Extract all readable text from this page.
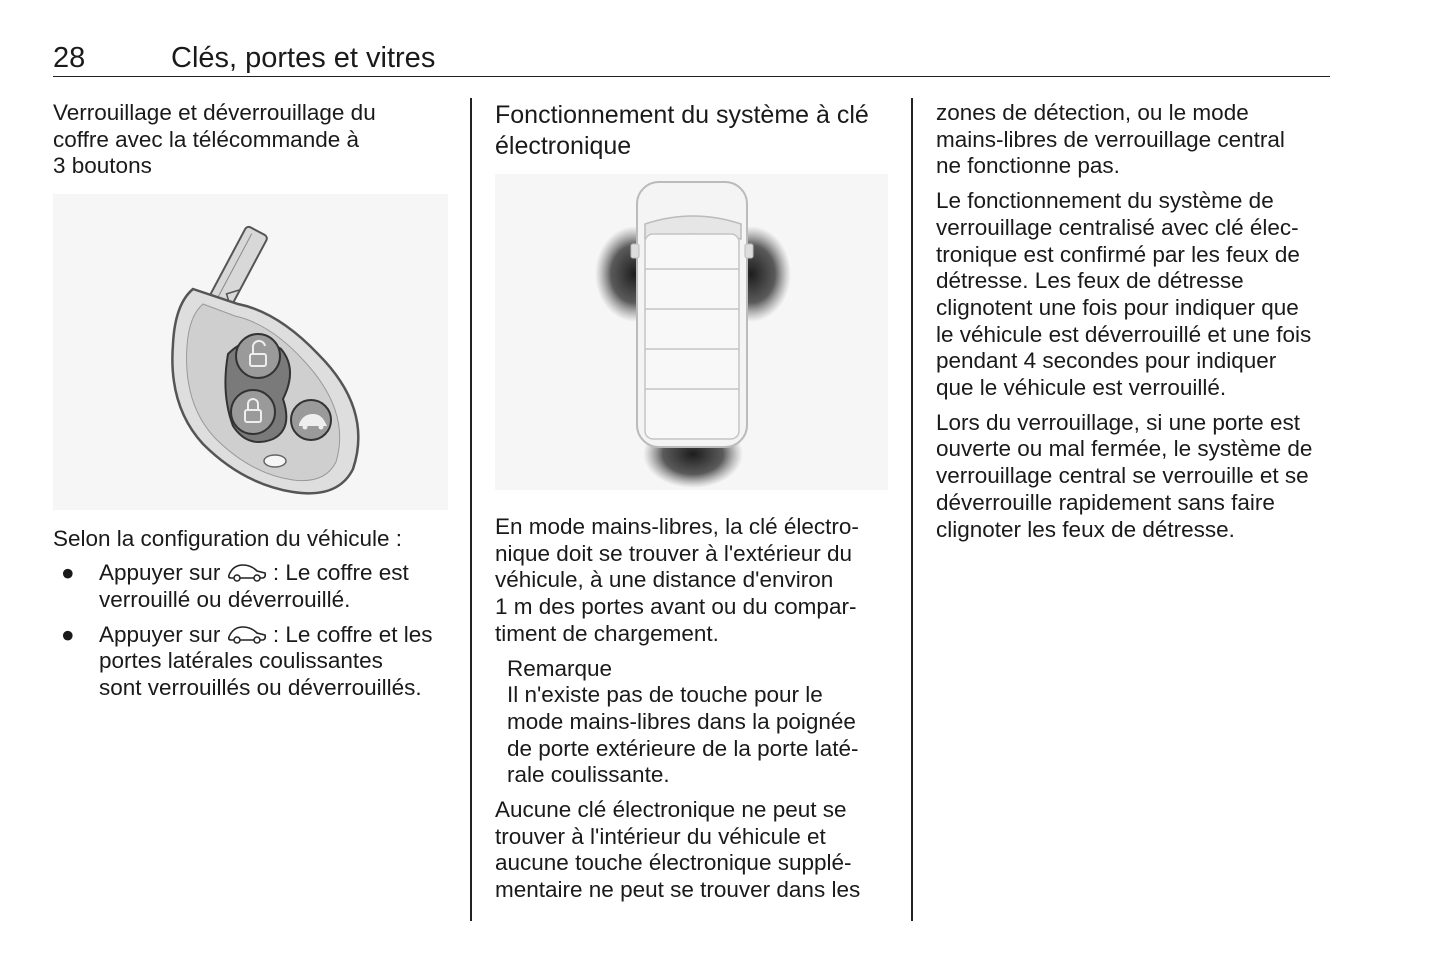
28	Clés, portes et vitres
Verrouillage et déverrouillage du
coffre avec la télécommande à
3 boutons

Selon la configuration du véhicule :

● Appuyer sur : Le coffre est
verrouillé ou déverrouillé.
● Appuyer sur : Le coffre et les
portes latérales coulissantes
sont verrouillés ou déverrouillés.
Fonctionnement du système à clé
électronique

En mode mains-libres, la clé électro-
nique doit se trouver à l'extérieur du
véhicule, à une distance d'environ
1 m des portes avant ou du compar-
timent de chargement.

Remarque
Il n'existe pas de touche pour le
mode mains-libres dans la poignée
de porte extérieure de la porte laté-
rale coulissante.

Aucune clé électronique ne peut se
trouver à l'intérieur du véhicule et
aucune touche électronique supplé-
mentaire ne peut se trouver dans les

zones de détection, ou le mode
mains-libres de verrouillage central
ne fonctionne pas.

Le fonctionnement du système de
verrouillage centralisé avec clé élec-
tronique est confirmé par les feux de
détresse. Les feux de détresse
clignotent une fois pour indiquer que
le véhicule est déverrouillé et une fois
pendant 4 secondes pour indiquer
que le véhicule est verrouillé.

Lors du verrouillage, si une porte est
ouverte ou mal fermée, le système de
verrouillage central se verrouille et se
déverrouille rapidement sans faire
clignoter les feux de détresse.
